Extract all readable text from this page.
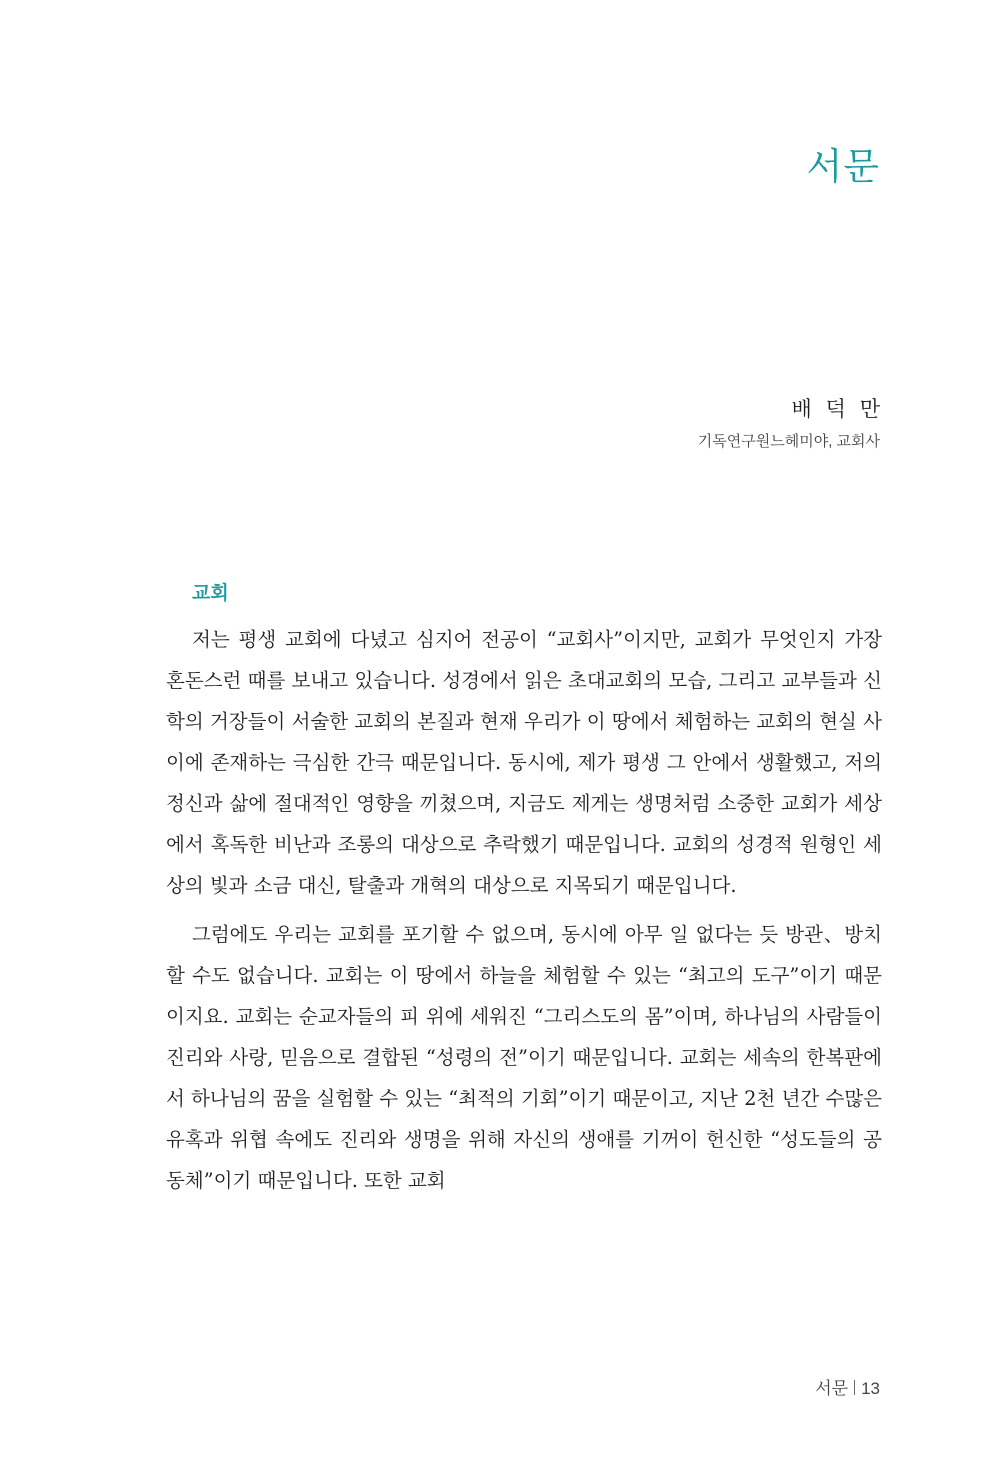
서문
배 덕 만
기독연구원느헤미야, 교회사
교회

저는 평생 교회에 다녔고 심지어 전공이 “교회사”이지만, 교회가 무엇인지 가장 혼돈스런 때를 보내고 있습니다. 성경에서 읽은 초대교회의 모습, 그리고 교부들과 신학의 거장들이 서술한 교회의 본질과 현재 우리가 이 땅에서 체험하는 교회의 현실 사이에 존재하는 극심한 간극 때문입니다. 동시에, 제가 평생 그 안에서 생활했고, 저의 정신과 삶에 절대적인 영향을 끼쳤으며, 지금도 제게는 생명처럼 소중한 교회가 세상에서 혹독한 비난과 조롱의 대상으로 추락했기 때문입니다. 교회의 성경적 원형인 세상의 빛과 소금 대신, 탈출과 개혁의 대상으로 지목되기 때문입니다.

그럼에도 우리는 교회를 포기할 수 없으며, 동시에 아무 일 없다는 듯 방관、방치할 수도 없습니다. 교회는 이 땅에서 하늘을 체험할 수 있는 “최고의 도구”이기 때문이지요. 교회는 순교자들의 피 위에 세워진 “그리스도의 몸”이며, 하나님의 사람들이 진리와 사랑, 믿음으로 결합된 “성령의 전”이기 때문입니다. 교회는 세속의 한복판에서 하나님의 꿈을 실험할 수 있는 “최적의 기회”이기 때문이고, 지난 2천 년간 수많은 유혹과 위협 속에도 진리와 생명을 위해 자신의 생애를 기꺼이 헌신한 “성도들의 공동체”이기 때문입니다. 또한 교회

서문 13
